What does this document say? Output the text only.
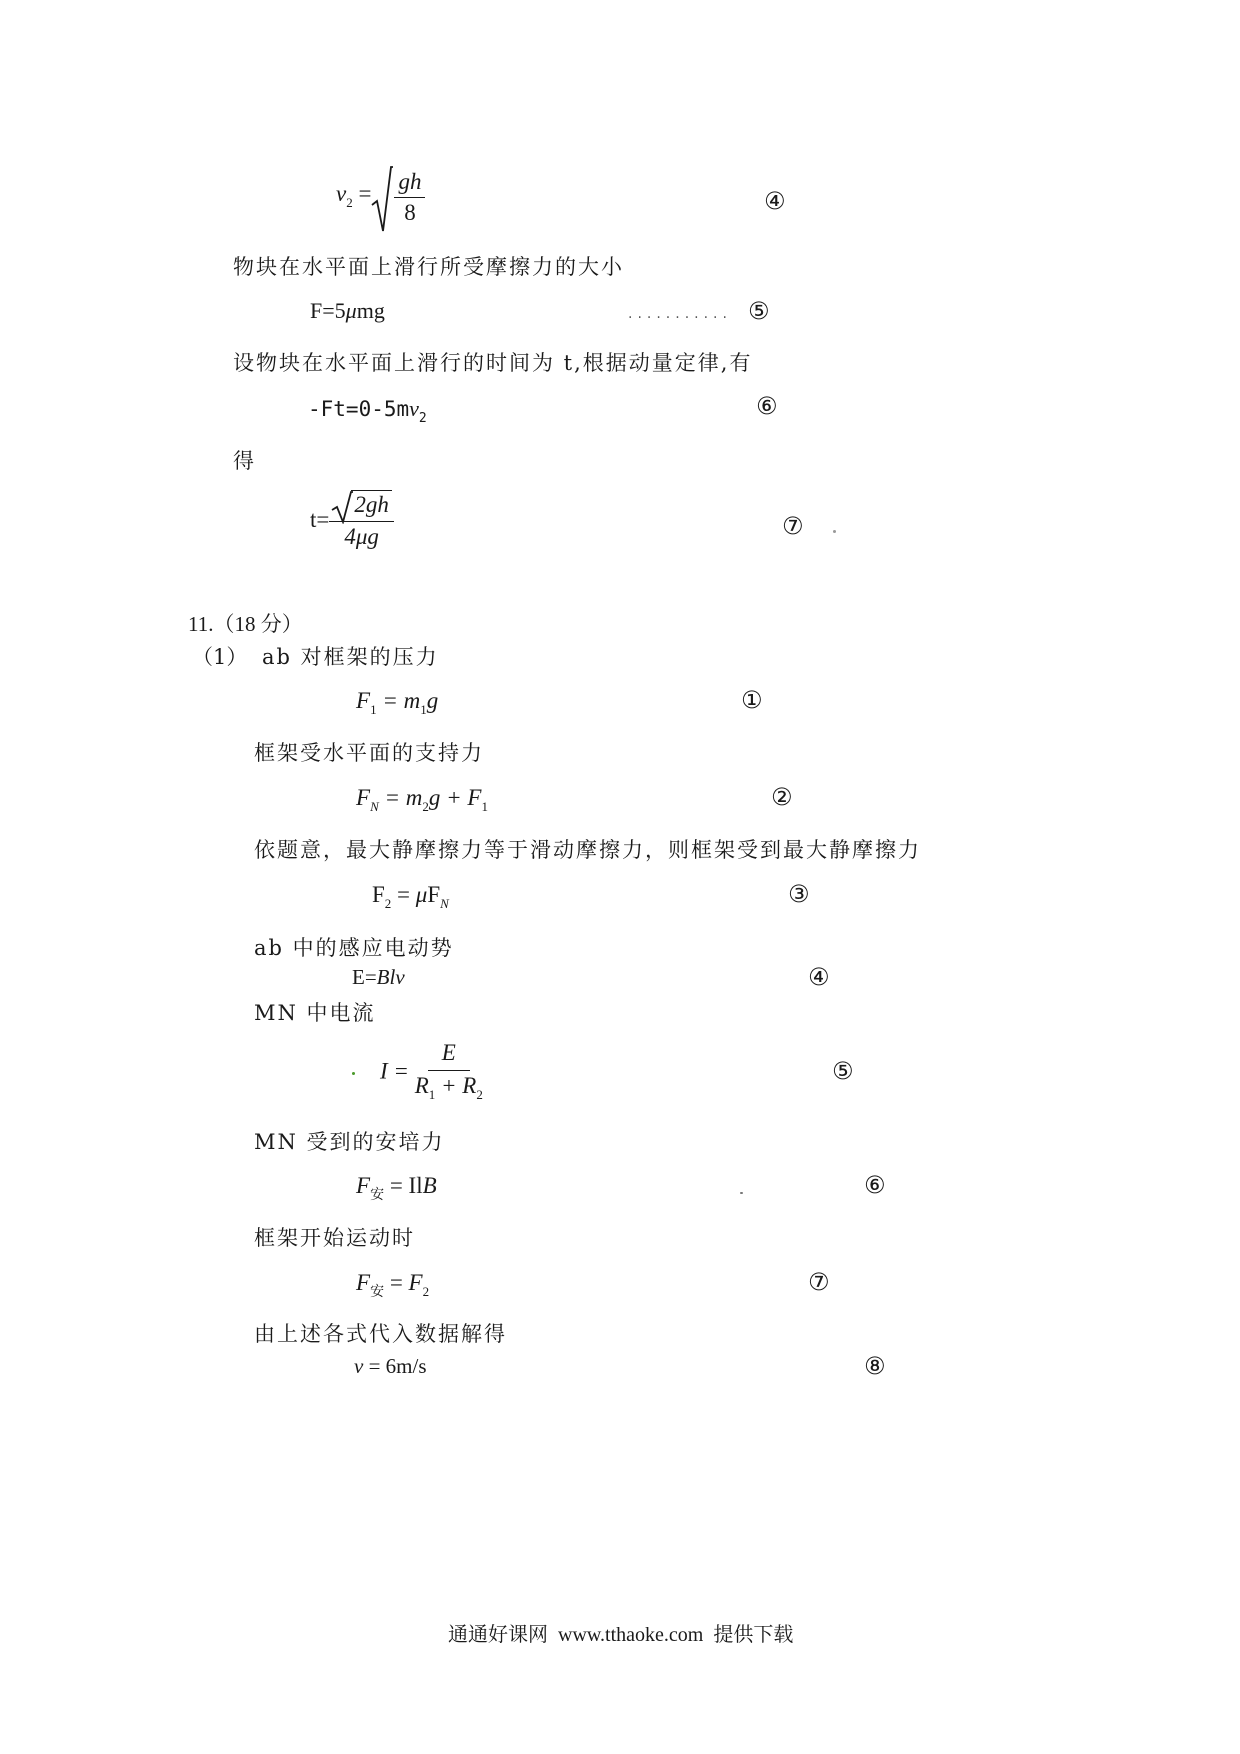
$v_2 = \frac{gh}{8}$	④
物块在水平面上滑行所受摩擦力的大小
F=5μmg	........... ⑤
设物块在水平面上滑行的时间为 t,根据动量定律,有
$-Ft=0-5mv_2$	⑥
得
$t= \frac{2gh}{4\mu g}$	⑦
11.（18 分）
（1） ab 对框架的压力
$F_1 = m_1g$	①
框架受水平面的支持力
$F_N = m_2g + F_1$	②
依题意，最大静摩擦力等于滑动摩擦力，则框架受到最大静摩擦力
$F_2 = \mu F_N$	③
ab 中的感应电动势
E=Blv	④
MN 中电流
$I = \frac{E}{R_1 + R_2}$	⑤
MN 受到的安培力
$F_安$ = IlB	⑥
框架开始运动时
$F_安 = F_2$	⑦
由上述各式代入数据解得
v = 6m/s	⑧
通通好课网  www.tthaoke.com  提供下载
